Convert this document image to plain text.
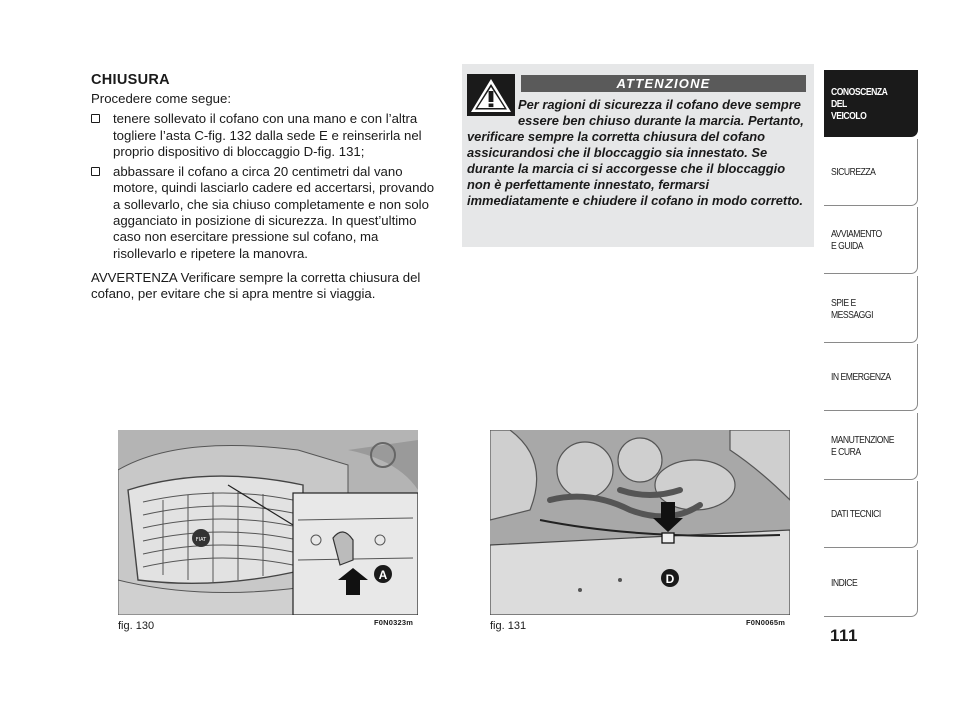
CHIUSURA

Procedere come segue:

tenere sollevato il cofano con una mano e con l’altra togliere l’asta C-fig. 132 dalla sede E e reinserirla nel proprio dispositivo di bloccaggio D-fig. 131;
abbassare il cofano a circa 20 centimetri dal vano motore, quindi lasciarlo cadere ed accertarsi, provando a sollevarlo, che sia chiuso completamente e non solo agganciato in posizione di sicurezza. In quest’ultimo caso non esercitare pressione sul cofano, ma risollevarlo e ripetere la manovra.

AVVERTENZA Verificare sempre la corretta chiusura del cofano, per evitare che si apra mentre si viaggia.

ATTENZIONE
Per ragioni di sicurezza il cofano deve sempre essere ben chiuso durante la marcia. Pertanto, verificare sempre la corretta chiusura del cofano assicurandosi che il bloccaggio sia innestato. Se durante la marcia ci si accorgesse che il bloccaggio non è perfettamente innestato, fermarsi immediatamente e chiudere il cofano in modo corretto.
FIAT
A
fig. 130	F0N0323m
D
fig. 131	F0N0065m
CONOSCENZA
DEL
VEICOLO
SICUREZZA
AVVIAMENTO
E GUIDA
SPIE E
MESSAGGI
IN EMERGENZA
MANUTENZIONE
E CURA
DATI TECNICI
INDICE
111
